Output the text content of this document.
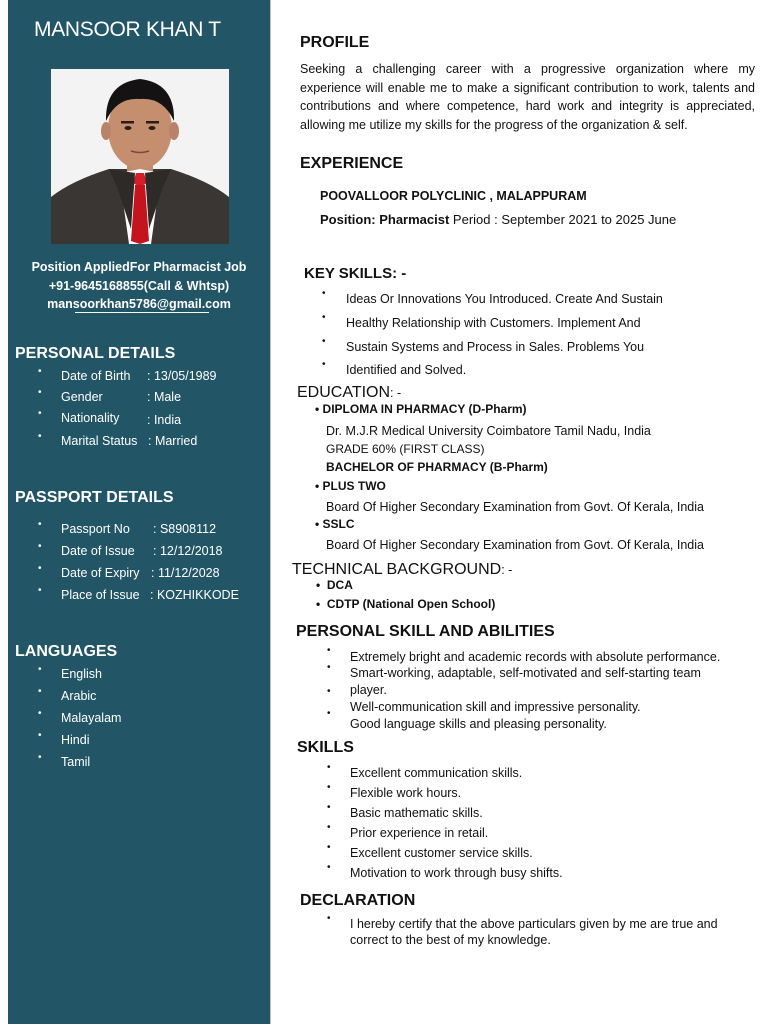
MANSOOR KHAN T
Position AppliedFor Pharmacist Job
+91-9645168855(Call & Whtsp)
mansoorkhan5786@gmail.com
PERSONAL DETAILS
• Date of Birth : 13/05/1989
• Gender	: Male
• Nationality : India
• Marital Status : Married
PASSPORT DETAILS
• Passport No : S8908112
• Date of Issue : 12/12/2018
• Date of Expiry : 11/12/2028
• Place of Issue : KOZHIKKODE
LANGUAGES
• English
• Arabic
• Malayalam
• Hindi
• Tamil
PROFILE
Seeking a challenging career with a progressive organization where my experience will enable me to make a significant contribution to work, talents and contributions and where competence, hard work and integrity is appreciated, allowing me utilize my skills for the progress of the organization & self.
EXPERIENCE
POOVALLOOR POLYCLINIC , MALAPPURAM
Position: Pharmacist Period : September 2021 to 2025 June
KEY SKILLS: -
• Ideas Or Innovations You Introduced. Create And Sustain
• Healthy Relationship with Customers. Implement And
• Sustain Systems and Process in Sales. Problems You
• Identified and Solved.
EDUCATION: -
• DIPLOMA IN PHARMACY (D-Pharm)
Dr. M.J.R Medical University Coimbatore Tamil Nadu, India
GRADE 60% (FIRST CLASS)
BACHELOR OF PHARMACY (B-Pharm)
• PLUS TWO
Board Of Higher Secondary Examination from Govt. Of Kerala, India
• SSLC
Board Of Higher Secondary Examination from Govt. Of Kerala, India
TECHNICAL BACKGROUND: -
•  DCA
•  CDTP (National Open School)
PERSONAL SKILL AND ABILITIES
•
•
•
•
Extremely bright and academic records with absolute performance.
Smart-working, adaptable, self-motivated and self-starting team
player.
Well-communication skill and impressive personality.
Good language skills and pleasing personality.
SKILLS
• Excellent communication skills.
• Flexible work hours.
• Basic mathematic skills.
• Prior experience in retail.
• Excellent customer service skills.
• Motivation to work through busy shifts.
DECLARATION
• I hereby certify that the above particulars given by me are true and
correct to the best of my knowledge.
